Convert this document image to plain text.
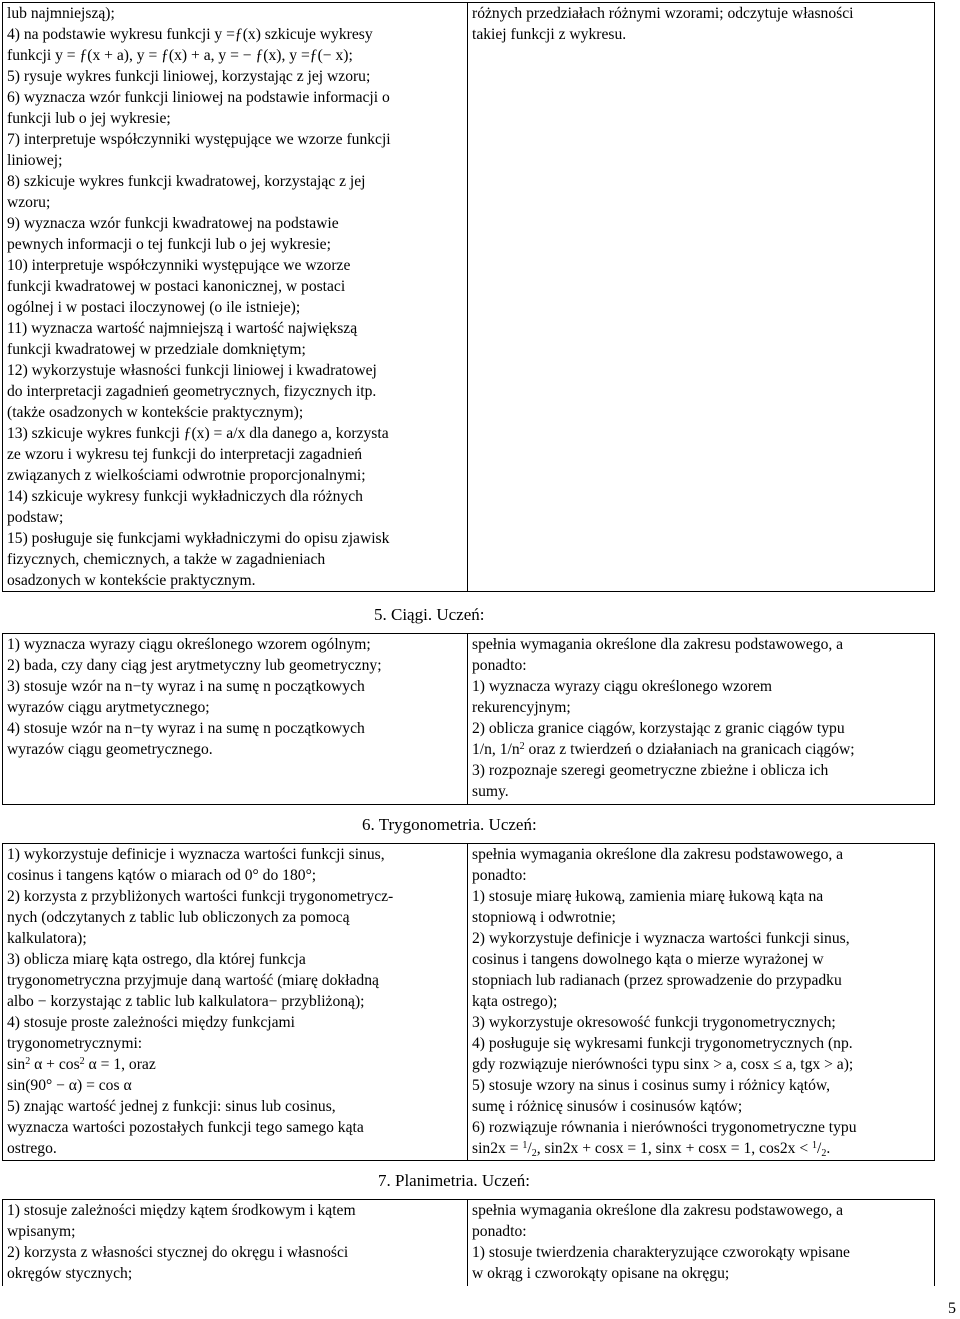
lub najmniejszą);
4) na podstawie wykresu funkcji y =ƒ(x) szkicuje wykresy
funkcji y = ƒ(x + a), y = ƒ(x) + a, y = − ƒ(x), y =ƒ(− x);
5) rysuje wykres funkcji liniowej, korzystając z jej wzoru;
6) wyznacza wzór funkcji liniowej na podstawie informacji o
funkcji lub o jej wykresie;
7) interpretuje współczynniki występujące we wzorze funkcji
liniowej;
8) szkicuje wykres funkcji kwadratowej, korzystając z jej
wzoru;
9) wyznacza wzór funkcji kwadratowej na podstawie
pewnych informacji o tej funkcji lub o jej wykresie;
10) interpretuje współczynniki występujące we wzorze
funkcji kwadratowej w postaci kanonicznej, w postaci
ogólnej i w postaci iloczynowej (o ile istnieje);
11) wyznacza wartość najmniejszą i wartość największą
funkcji kwadratowej w przedziale domkniętym;
12) wykorzystuje własności funkcji liniowej i kwadratowej
do interpretacji zagadnień geometrycznych, fizycznych itp.
(także osadzonych w kontekście praktycznym);
13) szkicuje wykres funkcji ƒ(x) = a/x dla danego a, korzysta
ze wzoru i wykresu tej funkcji do interpretacji zagadnień
związanych z wielkościami odwrotnie proporcjonalnymi;
14) szkicuje wykresy funkcji wykładniczych dla różnych
podstaw;
15) posługuje się funkcjami wykładniczymi do opisu zjawisk
fizycznych, chemicznych, a także w zagadnieniach
osadzonych w kontekście praktycznym.

różnych przedziałach różnymi wzorami; odczytuje własności
takiej funkcji z wykresu.
5. Ciągi. Uczeń:
1) wyznacza wyrazy ciągu określonego wzorem ogólnym;
2) bada, czy dany ciąg jest arytmetyczny lub geometryczny;
3) stosuje wzór na n−ty wyraz i na sumę n początkowych
wyrazów ciągu arytmetycznego;
4) stosuje wzór na n−ty wyraz i na sumę n początkowych
wyrazów ciągu geometrycznego.

spełnia wymagania określone dla zakresu podstawowego, a
ponadto:
1) wyznacza wyrazy ciągu określonego wzorem
rekurencyjnym;
2) oblicza granice ciągów, korzystając z granic ciągów typu
1/n, $1/n^2$ oraz z twierdzeń o działaniach na granicach ciągów;
3) rozpoznaje szeregi geometryczne zbieżne i oblicza ich
sumy.
6. Trygonometria. Uczeń:
1) wykorzystuje definicje i wyznacza wartości funkcji sinus,
cosinus i tangens kątów o miarach od 0° do 180°;
2) korzysta z przybliżonych wartości funkcji trygonometrycz-
nych (odczytanych z tablic lub obliczonych za pomocą
kalkulatora);
3) oblicza miarę kąta ostrego, dla której funkcja
trygonometryczna przyjmuje daną wartość (miarę dokładną
albo − korzystając z tablic lub kalkulatora− przybliżoną);
4) stosuje proste zależności między funkcjami
trygonometrycznymi:
$\sin^2 \alpha + \cos^2 \alpha = 1$, oraz
sin(90° − α) = cos α
5) znając wartość jednej z funkcji: sinus lub cosinus,
wyznacza wartości pozostałych funkcji tego samego kąta
ostrego.

spełnia wymagania określone dla zakresu podstawowego, a
ponadto:
1) stosuje miarę łukową, zamienia miarę łukową kąta na
stopniową i odwrotnie;
2) wykorzystuje definicje i wyznacza wartości funkcji sinus,
cosinus i tangens dowolnego kąta o mierze wyrażonej w
stopniach lub radianach (przez sprowadzenie do przypadku
kąta ostrego);
3) wykorzystuje okresowość funkcji trygonometrycznych;
4) posługuje się wykresami funkcji trygonometrycznych (np.
gdy rozwiązuje nierówności typu sinx > a, cosx ≤ a, tgx > a);
5) stosuje wzory na sinus i cosinus sumy i różnicy kątów,
sumę i różnicę sinusów i cosinusów kątów;
6) rozwiązuje równania i nierówności trygonometryczne typu
$\sin 2x = ^1/_2$, sin2x + cosx = 1, sinx + cosx = 1, $\cos 2x < ^1/_2$.
7. Planimetria. Uczeń:
1) stosuje zależności między kątem środkowym i kątem
wpisanym;
2) korzysta z własności stycznej do okręgu i własności
okręgów stycznych;

spełnia wymagania określone dla zakresu podstawowego, a
ponadto:
1) stosuje twierdzenia charakteryzujące czworokąty wpisane
w okrąg i czworokąty opisane na okręgu;
5
